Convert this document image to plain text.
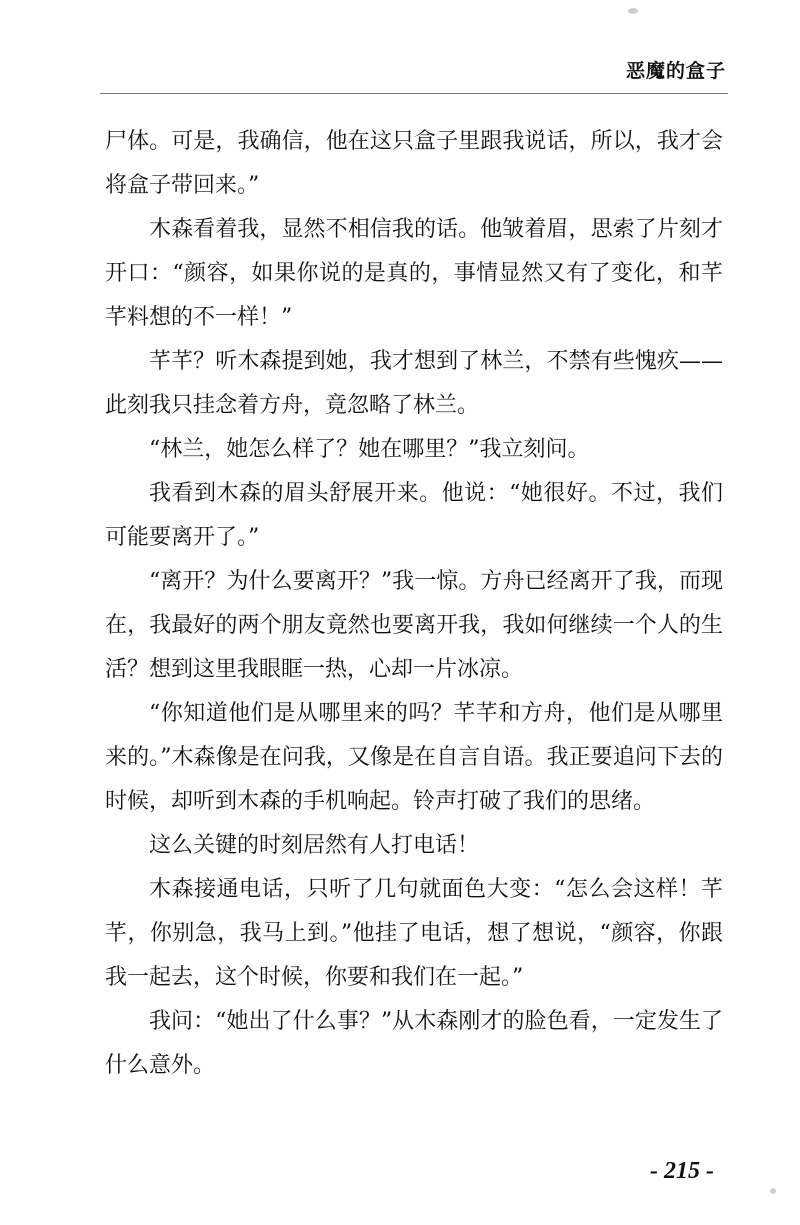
恶魔的盒子

尸体。可是，我确信，他在这只盒子里跟我说话，所以，我才会将盒子带回来。”

木森看着我，显然不相信我的话。他皱着眉，思索了片刻才开口：“颜容，如果你说的是真的，事情显然又有了变化，和芊芊料想的不一样！”

芊芊？听木森提到她，我才想到了林兰，不禁有些愧疚——此刻我只挂念着方舟，竟忽略了林兰。

“林兰，她怎么样了？她在哪里？”我立刻问。

我看到木森的眉头舒展开来。他说：“她很好。不过，我们可能要离开了。”

“离开？为什么要离开？”我一惊。方舟已经离开了我，而现在，我最好的两个朋友竟然也要离开我，我如何继续一个人的生活？想到这里我眼眶一热，心却一片冰凉。

“你知道他们是从哪里来的吗？芊芊和方舟，他们是从哪里来的。”木森像是在问我，又像是在自言自语。我正要追问下去的时候，却听到木森的手机响起。铃声打破了我们的思绪。

这么关键的时刻居然有人打电话！

木森接通电话，只听了几句就面色大变：“怎么会这样！芊芊，你别急，我马上到。”他挂了电话，想了想说，“颜容，你跟我一起去，这个时候，你要和我们在一起。”

我问：“她出了什么事？”从木森刚才的脸色看，一定发生了什么意外。

- 215 -
